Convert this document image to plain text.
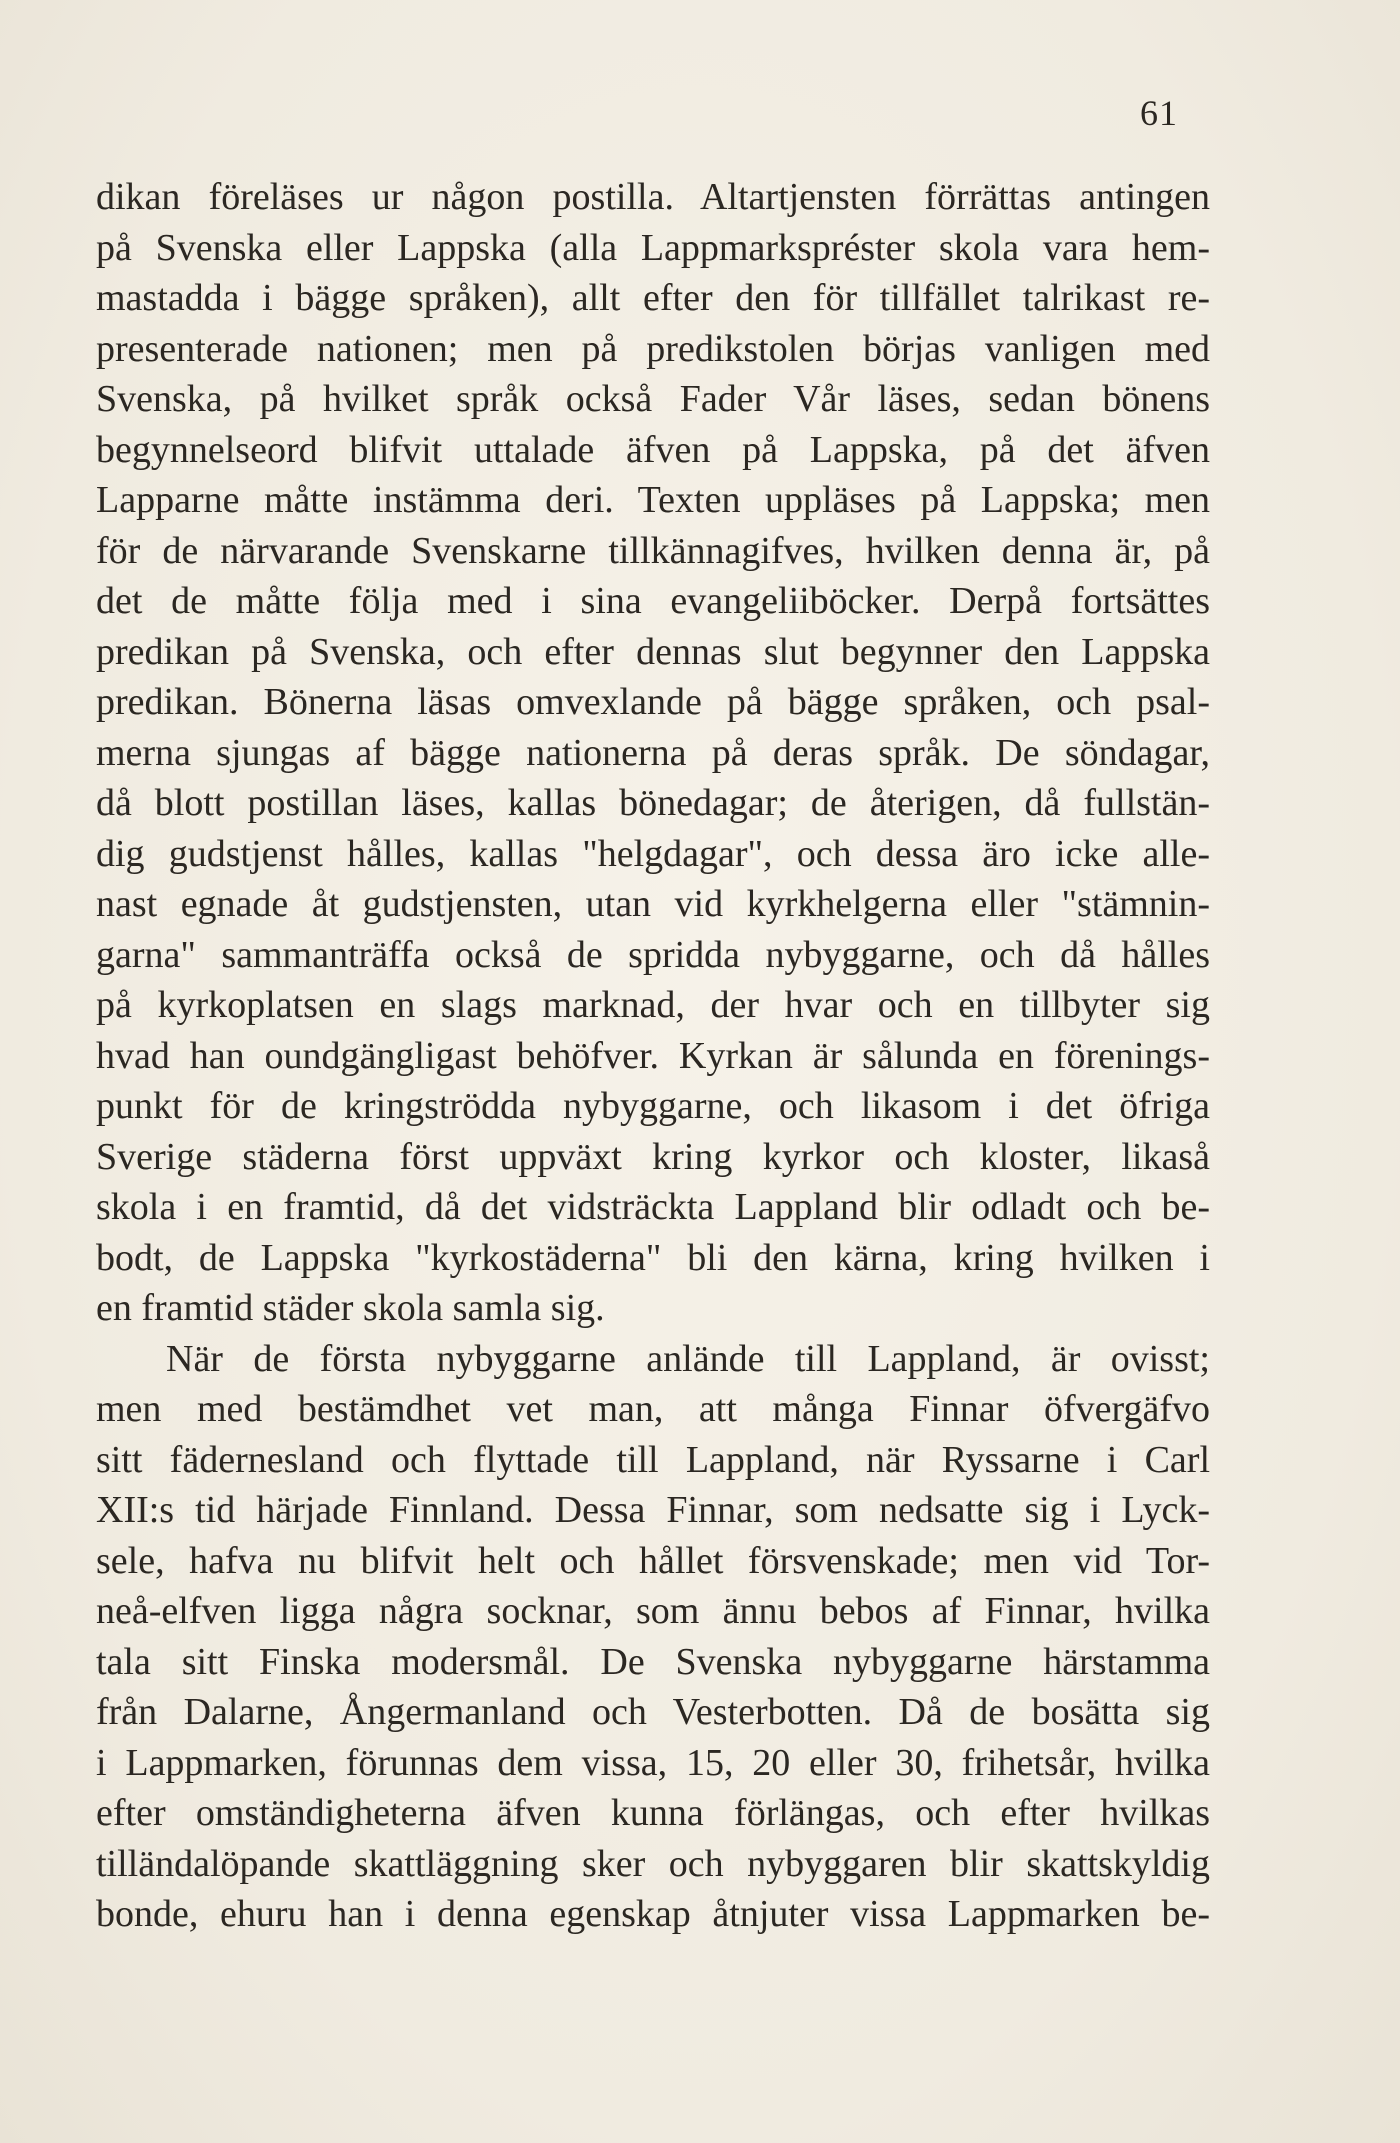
61
dikan föreläses ur någon postilla. Altartjensten förrättas antingen
på Svenska eller Lappska (alla Lappmarkspréster skola vara hem-
mastadda i bägge språken), allt efter den för tillfället talrikast re-
presenterade nationen; men på predikstolen börjas vanligen med
Svenska, på hvilket språk också Fader Vår läses, sedan bönens
begynnelseord blifvit uttalade äfven på Lappska, på det äfven
Lapparne måtte instämma deri. Texten uppläses på Lappska; men
för de närvarande Svenskarne tillkännagifves, hvilken denna är, på
det de måtte följa med i sina evangeliiböcker. Derpå fortsättes
predikan på Svenska, och efter dennas slut begynner den Lappska
predikan. Bönerna läsas omvexlande på bägge språken, och psal-
merna sjungas af bägge nationerna på deras språk. De söndagar,
då blott postillan läses, kallas bönedagar; de återigen, då fullstän-
dig gudstjenst hålles, kallas "helgdagar", och dessa äro icke alle-
nast egnade åt gudstjensten, utan vid kyrkhelgerna eller "stämnin-
garna" sammanträffa också de spridda nybyggarne, och då hålles
på kyrkoplatsen en slags marknad, der hvar och en tillbyter sig
hvad han oundgängligast behöfver. Kyrkan är sålunda en förenings-
punkt för de kringströdda nybyggarne, och likasom i det öfriga
Sverige städerna först uppväxt kring kyrkor och kloster, likaså
skola i en framtid, då det vidsträckta Lappland blir odladt och be-
bodt, de Lappska "kyrkostäderna" bli den kärna, kring hvilken i
en framtid städer skola samla sig.
När de första nybyggarne anlände till Lappland, är ovisst;
men med bestämdhet vet man, att många Finnar öfvergäfvo
sitt fädernesland och flyttade till Lappland, när Ryssarne i Carl
XII:s tid härjade Finnland. Dessa Finnar, som nedsatte sig i Lyck-
sele, hafva nu blifvit helt och hållet försvenskade; men vid Tor-
neå-elfven ligga några socknar, som ännu bebos af Finnar, hvilka
tala sitt Finska modersmål. De Svenska nybyggarne härstamma
från Dalarne, Ångermanland och Vesterbotten. Då de bosätta sig
i Lappmarken, förunnas dem vissa, 15, 20 eller 30, frihetsår, hvilka
efter omständigheterna äfven kunna förlängas, och efter hvilkas
tilländalöpande skattläggning sker och nybyggaren blir skattskyldig
bonde, ehuru han i denna egenskap åtnjuter vissa Lappmarken be-
